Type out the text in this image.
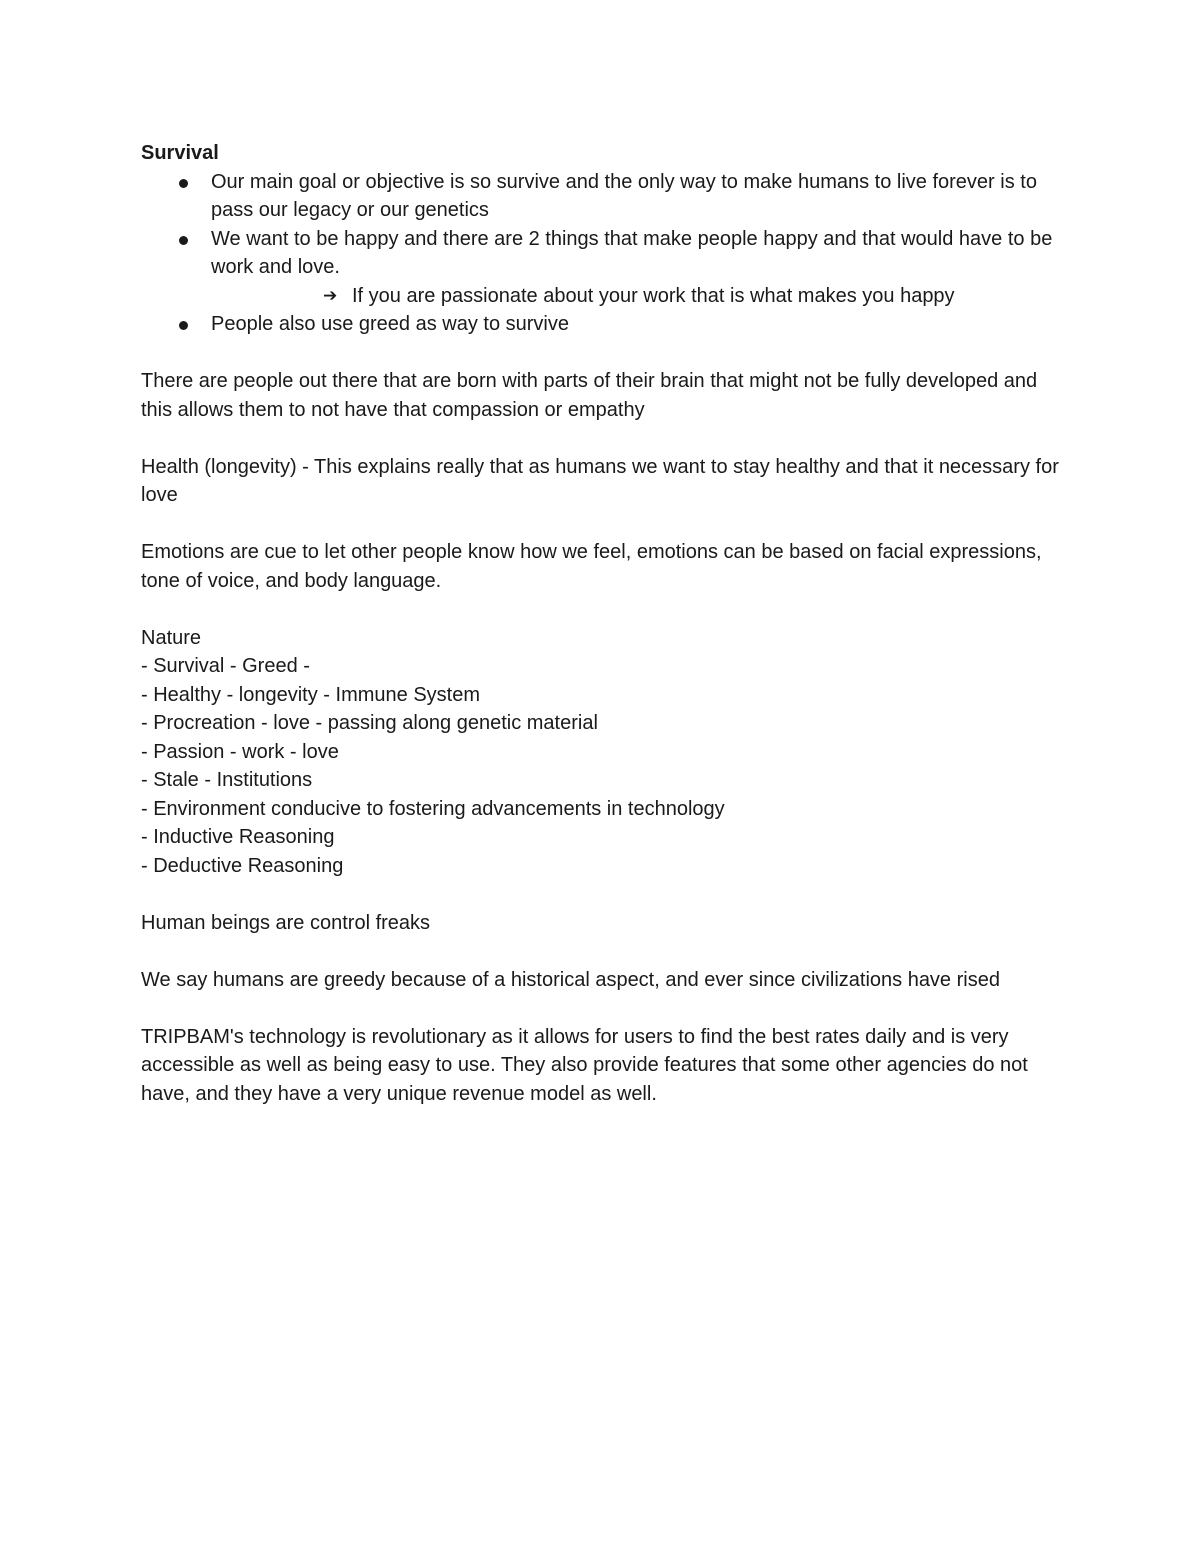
Survival

Our main goal or objective is so survive and the only way to make humans to live forever is to pass our legacy or our genetics
We want to be happy and there are 2 things that make people happy and that would have to be work and love.
➔ If you are passionate about your work that is what makes you happy
People also use greed as way to survive

There are people out there that are born with parts of their brain that might not be fully developed and this allows them to not have that compassion or empathy

Health (longevity) - This explains really that as humans we want to stay healthy and that it necessary for love

Emotions are cue to let other people know how we feel, emotions can be based on facial expressions, tone of voice, and body language.

Nature

- Survival - Greed -

- Healthy - longevity - Immune System

- Procreation - love - passing along genetic material

- Passion - work - love

- Stale - Institutions

- Environment conducive to fostering advancements in technology

- Inductive Reasoning

- Deductive Reasoning

Human beings are control freaks

We say humans are greedy because of a historical aspect, and ever since civilizations have rised

TRIPBAM's technology is revolutionary as it allows for users to find the best rates daily and is very accessible as well as being easy to use. They also provide features that some other agencies do not have, and they have a very unique revenue model as well.
